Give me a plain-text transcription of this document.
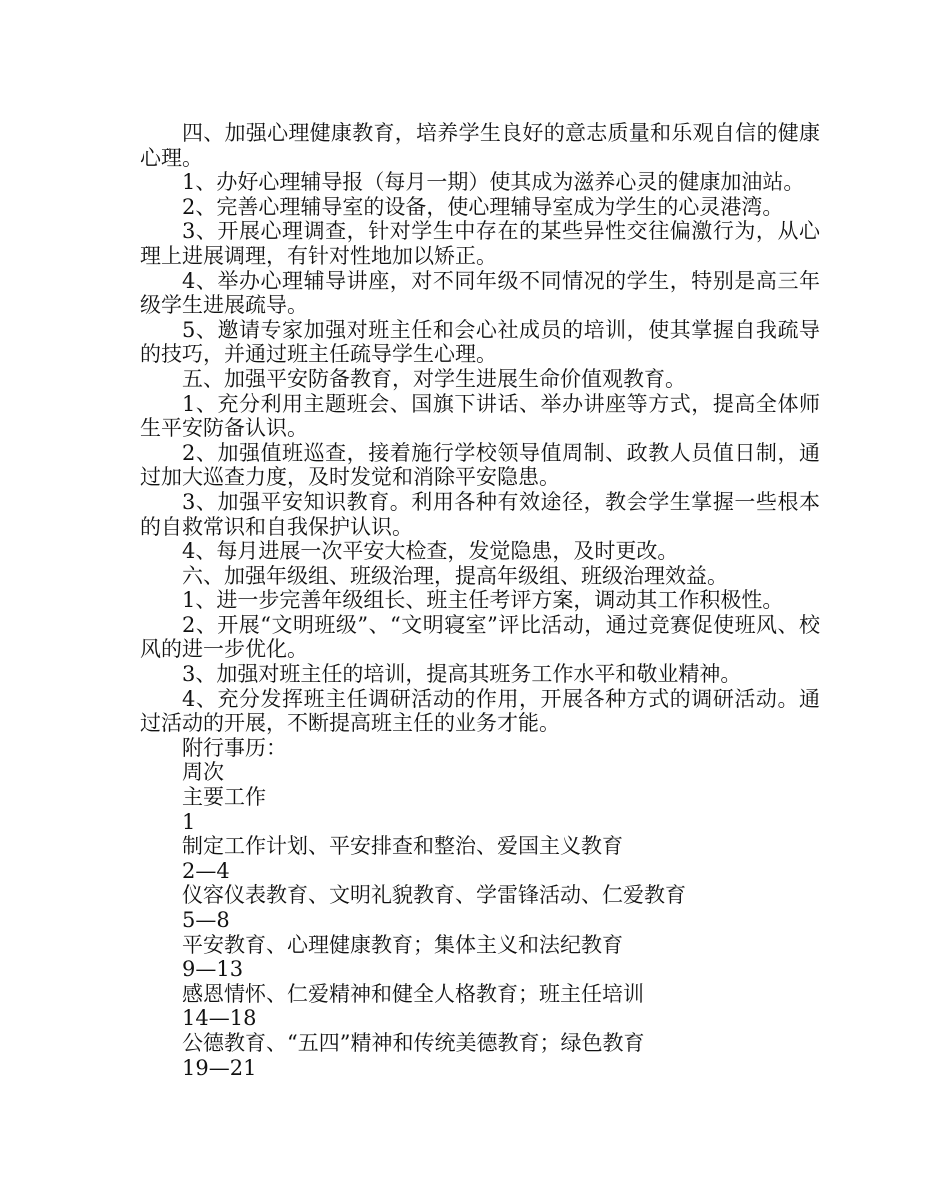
四、加强心理健康教育，培养学生良好的意志质量和乐观自信的健康心理。

1、办好心理辅导报（每月一期）使其成为滋养心灵的健康加油站。

2、完善心理辅导室的设备，使心理辅导室成为学生的心灵港湾。

3、开展心理调查，针对学生中存在的某些异性交往偏激行为，从心理上进展调理，有针对性地加以矫正。

4、举办心理辅导讲座，对不同年级不同情况的学生，特别是高三年级学生进展疏导。

5、邀请专家加强对班主任和会心社成员的培训，使其掌握自我疏导的技巧，并通过班主任疏导学生心理。

五、加强平安防备教育，对学生进展生命价值观教育。

1、充分利用主题班会、国旗下讲话、举办讲座等方式，提高全体师生平安防备认识。

2、加强值班巡查，接着施行学校领导值周制、政教人员值日制，通过加大巡查力度，及时发觉和消除平安隐患。

3、加强平安知识教育。利用各种有效途径，教会学生掌握一些根本的自救常识和自我保护认识。

4、每月进展一次平安大检查，发觉隐患，及时更改。

六、加强年级组、班级治理，提高年级组、班级治理效益。

1、进一步完善年级组长、班主任考评方案，调动其工作积极性。

2、开展“文明班级”、“文明寝室”评比活动，通过竞赛促使班风、校风的进一步优化。

3、加强对班主任的培训，提高其班务工作水平和敬业精神。

4、充分发挥班主任调研活动的作用，开展各种方式的调研活动。通过活动的开展，不断提高班主任的业务才能。

附行事历：

周次

主要工作

1

制定工作计划、平安排查和整治、爱国主义教育

2—4

仪容仪表教育、文明礼貌教育、学雷锋活动、仁爱教育

5—8

平安教育、心理健康教育；集体主义和法纪教育

9—13

感恩情怀、仁爱精神和健全人格教育；班主任培训

14—18

公德教育、“五四”精神和传统美德教育；绿色教育

19—21
